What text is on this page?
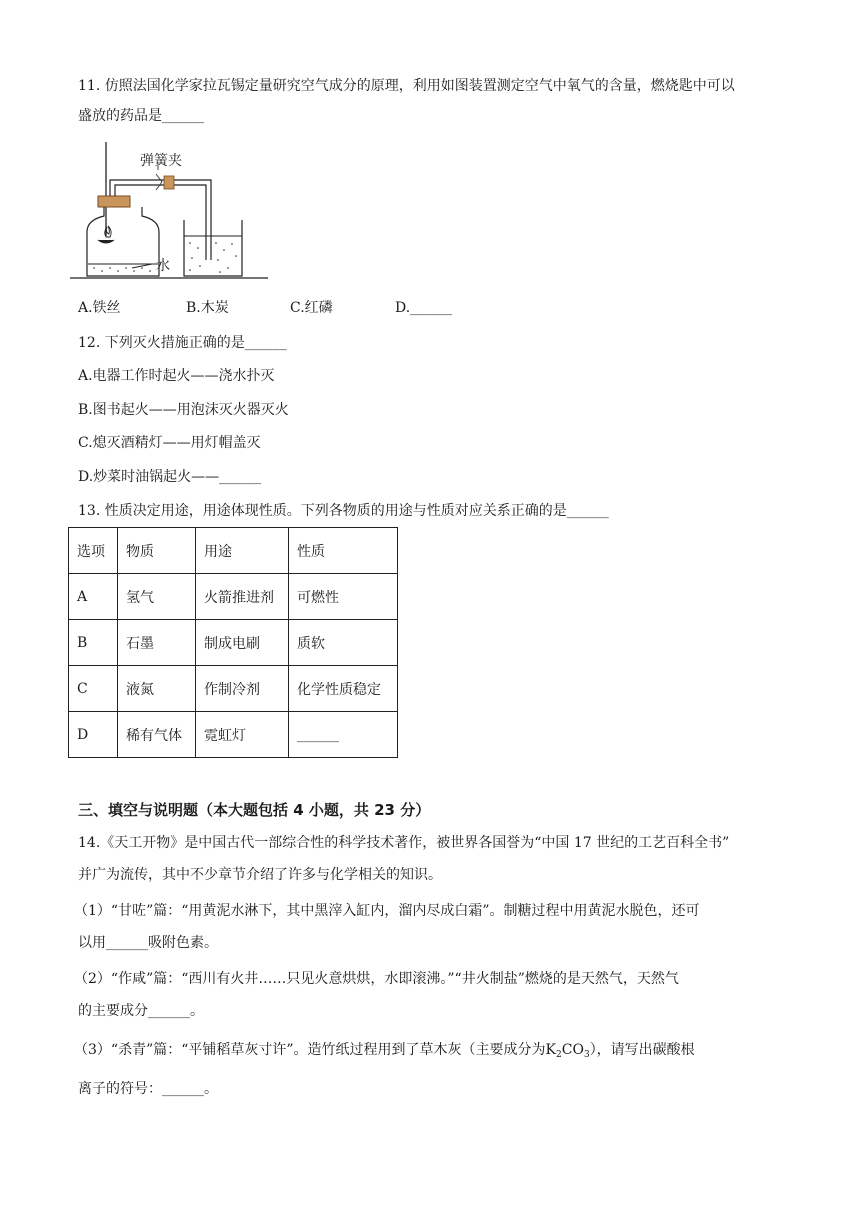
11. 仿照法国化学家拉瓦锡定量研究空气成分的原理，利用如图装置测定空气中氧气的含量，燃烧匙中可以
盛放的药品是______
弹簧夹
水
A.铁丝	B.木炭	C.红磷	D.______
12. 下列灭火措施正确的是______
A.电器工作时起火——浇水扑灭
B.图书起火——用泡沫灭火器灭火
C.熄灭酒精灯——用灯帽盖灭
D.炒菜时油锅起火——______
13. 性质决定用途，用途体现性质。下列各物质的用途与性质对应关系正确的是______
选项	物质	用途	性质
A	氢气	火箭推进剂	可燃性
B	石墨	制成电刷	质软
C	液氮	作制冷剂	化学性质稳定
D	稀有气体	霓虹灯	______
三、填空与说明题（本大题包括 4 小题，共 23 分）
14.《天工开物》是中国古代一部综合性的科学技术著作，被世界各国誉为“中国 17 世纪的工艺百科全书”
并广为流传，其中不少章节介绍了许多与化学相关的知识。
（1）“甘咗”篇：“用黄泥水淋下，其中黑滓入缸内，溜内尽成白霜”。制糖过程中用黄泥水脱色，还可
以用______吸附色素。
（2）“作咸”篇：“西川有火井……只见火意烘烘，水即滚沸。”“井火制盐”燃烧的是天然气，天然气
的主要成分______。
（3）“杀青”篇：“平铺稻草灰寸许”。造竹纸过程用到了草木灰（主要成分为$K_2CO_3$），请写出碳酸根
离子的符号：______。
